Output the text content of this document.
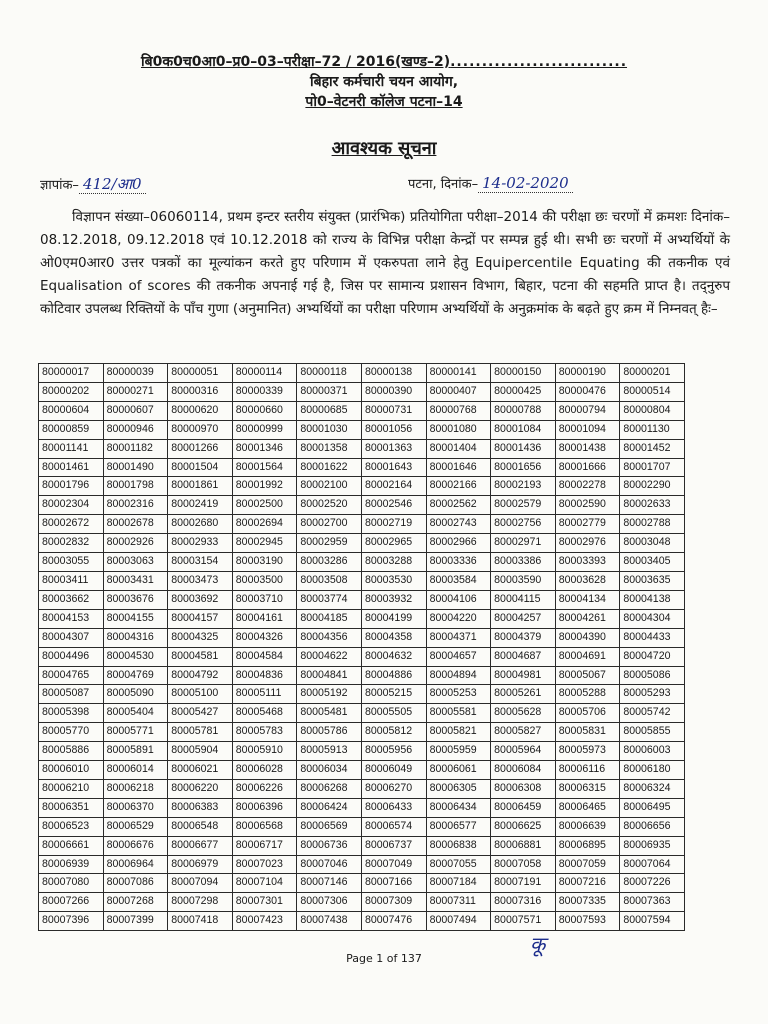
बि0क0च0आ0–प्र0–03–परीक्षा–72 / 2016(खण्ड–2)............................
बिहार कर्मचारी चयन आयोग,
पो0–वेटनरी कॉलेज पटना–14
आवश्यक सूचना
ज्ञापांक– 412/आ0	पटना, दिनांक– 14-02-2020

विज्ञापन संख्या–06060114, प्रथम इन्टर स्तरीय संयुक्त (प्रारंभिक) प्रतियोगिता परीक्षा–2014 की परीक्षा छः चरणों में क्रमशः दिनांक–08.12.2018, 09.12.2018 एवं 10.12.2018 को राज्य के विभिन्न परीक्षा केन्द्रों पर सम्पन्न हुई थी। सभी छः चरणों में अभ्यर्थियों के ओ0एम0आर0 उत्तर पत्रकों का मूल्यांकन करते हुए परिणाम में एकरुपता लाने हेतु Equipercentile Equating की तकनीक एवं Equalisation of scores की तकनीक अपनाई गई है, जिस पर सामान्य प्रशासन विभाग, बिहार, पटना की सहमति प्राप्त है। तद्नुरुप कोटिवार उपलब्ध रिक्तियों के पाँच गुणा (अनुमानित) अभ्यर्थियों का परीक्षा परिणाम अभ्यर्थियों के अनुक्रमांक के बढ़ते हुए क्रम में निम्नवत् हैः–

80000017	80000039	80000051	80000114	80000118	80000138	80000141	80000150	80000190	80000201
80000202	80000271	80000316	80000339	80000371	80000390	80000407	80000425	80000476	80000514
80000604	80000607	80000620	80000660	80000685	80000731	80000768	80000788	80000794	80000804
80000859	80000946	80000970	80000999	80001030	80001056	80001080	80001084	80001094	80001130
80001141	80001182	80001266	80001346	80001358	80001363	80001404	80001436	80001438	80001452
80001461	80001490	80001504	80001564	80001622	80001643	80001646	80001656	80001666	80001707
80001796	80001798	80001861	80001992	80002100	80002164	80002166	80002193	80002278	80002290
80002304	80002316	80002419	80002500	80002520	80002546	80002562	80002579	80002590	80002633
80002672	80002678	80002680	80002694	80002700	80002719	80002743	80002756	80002779	80002788
80002832	80002926	80002933	80002945	80002959	80002965	80002966	80002971	80002976	80003048
80003055	80003063	80003154	80003190	80003286	80003288	80003336	80003386	80003393	80003405
80003411	80003431	80003473	80003500	80003508	80003530	80003584	80003590	80003628	80003635
80003662	80003676	80003692	80003710	80003774	80003932	80004106	80004115	80004134	80004138
80004153	80004155	80004157	80004161	80004185	80004199	80004220	80004257	80004261	80004304
80004307	80004316	80004325	80004326	80004356	80004358	80004371	80004379	80004390	80004433
80004496	80004530	80004581	80004584	80004622	80004632	80004657	80004687	80004691	80004720
80004765	80004769	80004792	80004836	80004841	80004886	80004894	80004981	80005067	80005086
80005087	80005090	80005100	80005111	80005192	80005215	80005253	80005261	80005288	80005293
80005398	80005404	80005427	80005468	80005481	80005505	80005581	80005628	80005706	80005742
80005770	80005771	80005781	80005783	80005786	80005812	80005821	80005827	80005831	80005855
80005886	80005891	80005904	80005910	80005913	80005956	80005959	80005964	80005973	80006003
80006010	80006014	80006021	80006028	80006034	80006049	80006061	80006084	80006116	80006180
80006210	80006218	80006220	80006226	80006268	80006270	80006305	80006308	80006315	80006324
80006351	80006370	80006383	80006396	80006424	80006433	80006434	80006459	80006465	80006495
80006523	80006529	80006548	80006568	80006569	80006574	80006577	80006625	80006639	80006656
80006661	80006676	80006677	80006717	80006736	80006737	80006838	80006881	80006895	80006935
80006939	80006964	80006979	80007023	80007046	80007049	80007055	80007058	80007059	80007064
80007080	80007086	80007094	80007104	80007146	80007166	80007184	80007191	80007216	80007226
80007266	80007268	80007298	80007301	80007306	80007309	80007311	80007316	80007335	80007363
80007396	80007399	80007418	80007423	80007438	80007476	80007494	80007571	80007593	80007594
कू
Page 1 of 137
